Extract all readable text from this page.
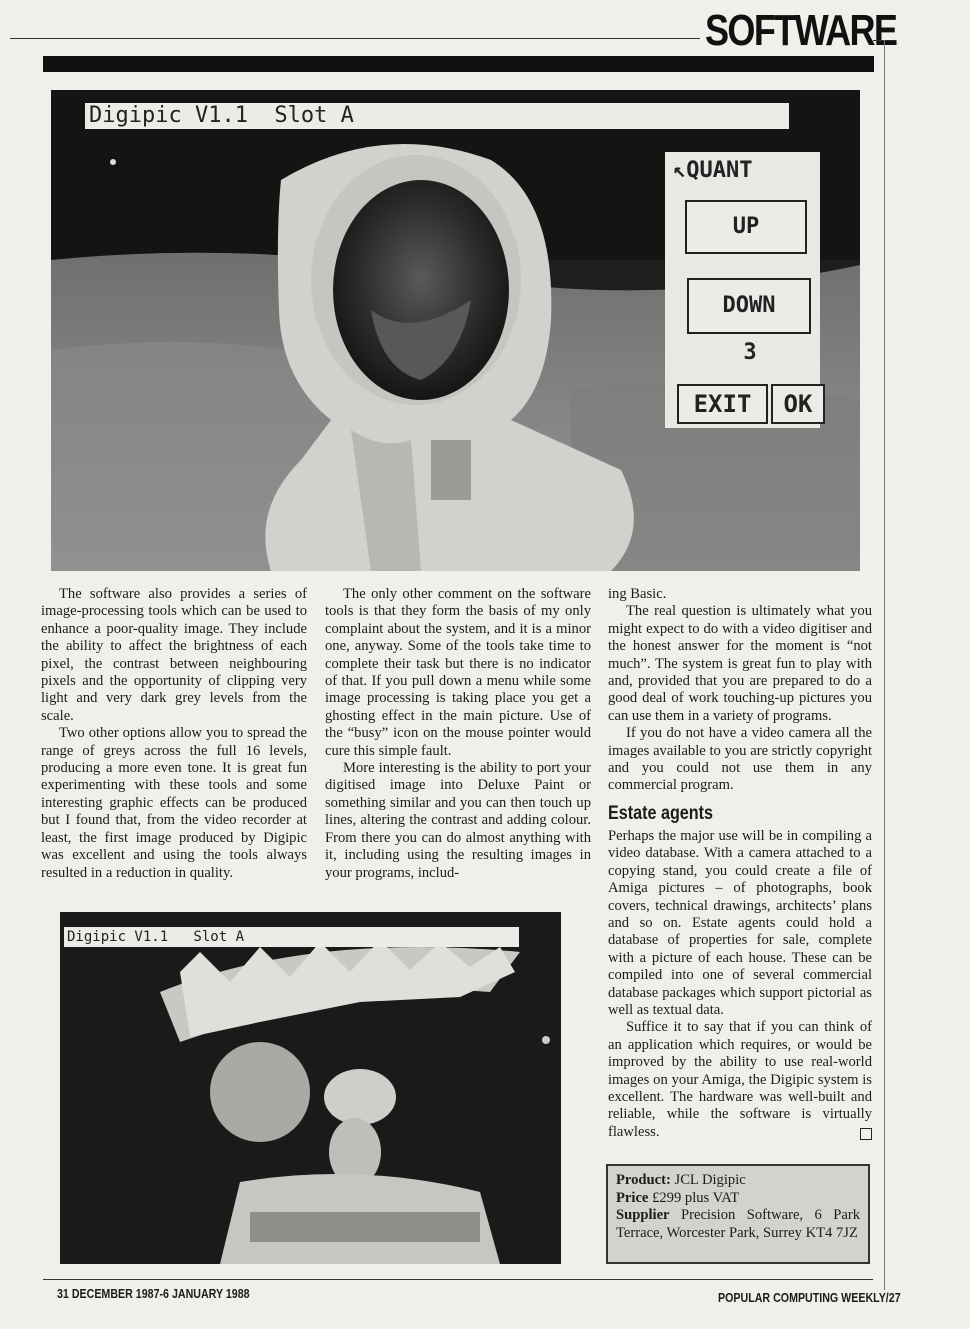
SOFTWARE
Digipic V1.1  Slot A
↖QUANT
UP
DOWN
3
EXIT	OK

The software also provides a series of image-processing tools which can be used to enhance a poor-quality image. They include the ability to affect the brightness of each pixel, the contrast between neighbouring pixels and the opportunity of clipping very light and very dark grey levels from the scale.

Two other options allow you to spread the range of greys across the full 16 levels, producing a more even tone. It is great fun experimenting with these tools and some interesting graphic effects can be produced but I found that, from the video recorder at least, the first image produced by Digipic was excellent and using the tools always resulted in a reduction in quality.

The only other comment on the software tools is that they form the basis of my only complaint about the system, and it is a minor one, anyway. Some of the tools take time to complete their task but there is no indicator of that. If you pull down a menu while some image processing is taking place you get a ghosting effect in the main picture. Use of the “busy” icon on the mouse pointer would cure this simple fault.

More interesting is the ability to port your digitised image into Deluxe Paint or something similar and you can then touch up lines, altering the contrast and adding colour. From there you can do almost anything with it, including using the resulting images in your programs, includ-

ing Basic.

The real question is ultimately what you might expect to do with a video digitiser and the honest answer for the moment is “not much”. The system is great fun to play with and, provided that you are prepared to do a good deal of work touching-up pictures you can use them in a variety of programs.

If you do not have a video camera all the images available to you are strictly copyright and you could not use them in any commercial program.

Estate agents

Perhaps the major use will be in compiling a video database. With a camera attached to a copying stand, you could create a file of Amiga pictures – of photographs, book covers, technical drawings, architects’ plans and so on. Estate agents could hold a database of properties for sale, complete with a picture of each house. These can be compiled into one of several commercial database packages which support pictorial as well as textual data.

Suffice it to say that if you can think of an application which requires, or would be improved by the ability to use real-world images on your Amiga, the Digipic system is excellent. The hardware was well-built and reliable, while the software is virtually flawless.

Digipic V1.1   Slot A
Product: JCL Digipic
Price £299 plus VAT
Supplier Precision Software, 6 Park Terrace, Worcester Park, Surrey KT4 7JZ
31 DECEMBER 1987-6 JANUARY 1988	POPULAR COMPUTING WEEKLY/27
